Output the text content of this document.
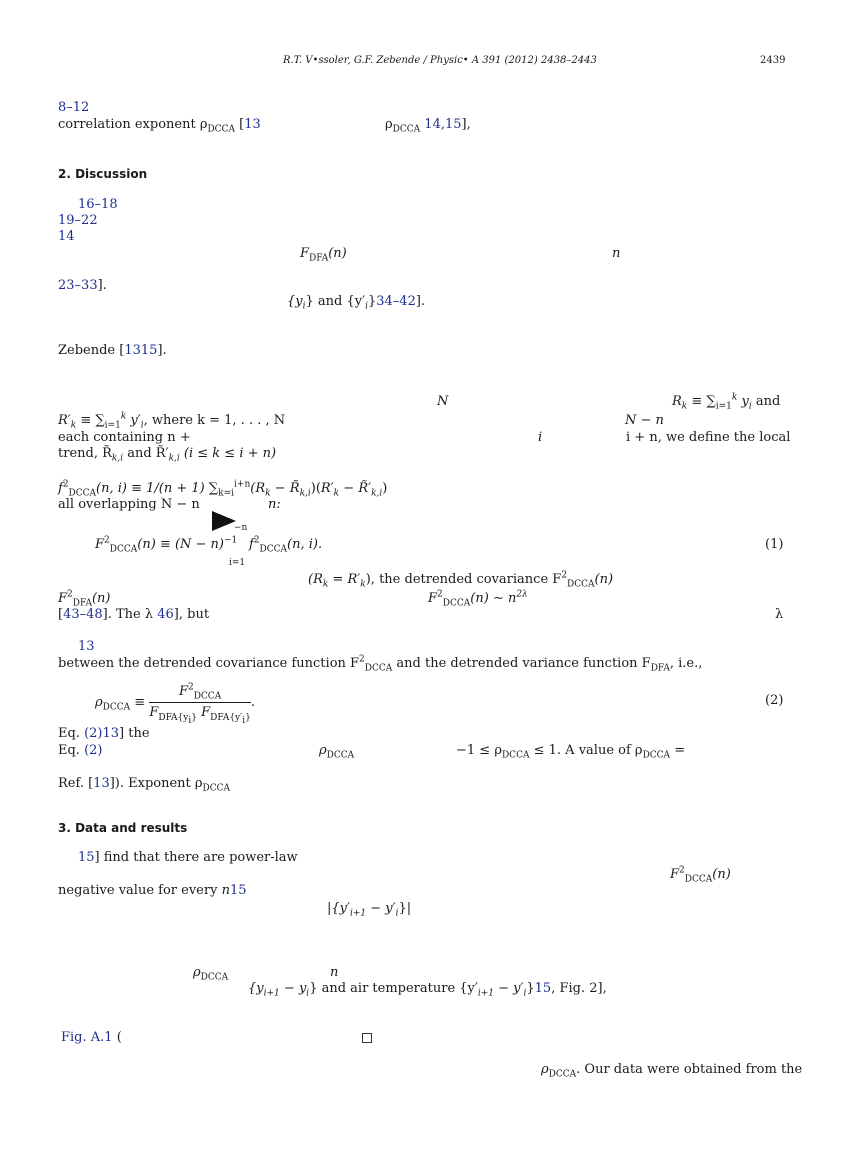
R.T. V•ssoler, G.F. Zebende / Physic• A 391 (2012) 2438–2443	2439
8–12
correlation exponent $\rho_{DCCA}$ [13	$\rho_{DCCA}$ 14,15],
2. Discussion
16–18
19–22
14
$F_{DFA}(n)$	n
23–33].
$\{y_i\}$ and $\{y'_i\}34-42$].
Zebende [1315].
N	$R_k \equiv \sum_{i=1}^k$ $y_i$ and
$R'_k \equiv \sum_{i=1}^k$ $y'_i$, where k = 1, . . . , N	N − n
each containing n +	i	i + n, we define the local
trend, $R̃_{k,i}$ and $R̃'_{k,i}$ (i ≤ k ≤ i + n)
$f^2_{DCCA}(n$, i) ≡ 1/(n + 1) $\sum_{k=i}^{i+n}(R_k$ − $R̃_{k,i})(R'_k$ − $R̃'_{k,i}$)
all overlapping N − n	n:
−n
i=1
$F^2_{DCCA}(n) \equiv (N - n)^{-1}$ $f^2_{DCCA}(n$, i).	(1)
$(R_k = R'_k)$, the detrended covariance $F^2_{DCCA}(n)$
$F^2_{DFA}(n)$	$F^2_{DCCA}(n)$ ∼ $n^{2\lambda}$
[43–48]. The λ 46], but	λ
13
between the detrended covariance function $F^2_{DCCA}$ and the detrended variance function $F_{DFA}$, i.e.,
$\rho_{DCCA} \equiv \frac{F^2_{DCCA}}{F_{DFA\{y_i\}} F_{DFA\{y'_i\}}}$ .	(2)
Eq. (2)13] the
Eq. (2)	$\rho_{DCCA}$	$-1 \le \rho_{DCCA} \le 1$. A value of $\rho_{DCCA}$ =
Ref. [13]). Exponent $\rho_{DCCA}$
3. Data and results
15] find that there are power-law
$F^2_{DCCA}(n)$
negative value for every n15
$|\{y'_{i+1} - y'_i\}|$
$\rho_{DCCA}$	n
$\{y_{i+1} - y_i\}$ and air temperature $\{y'_{i+1} - y'_i\}15$, Fig. 2],
Fig. A.1 (
$\rho_{DCCA}$. Our data were obtained from the
